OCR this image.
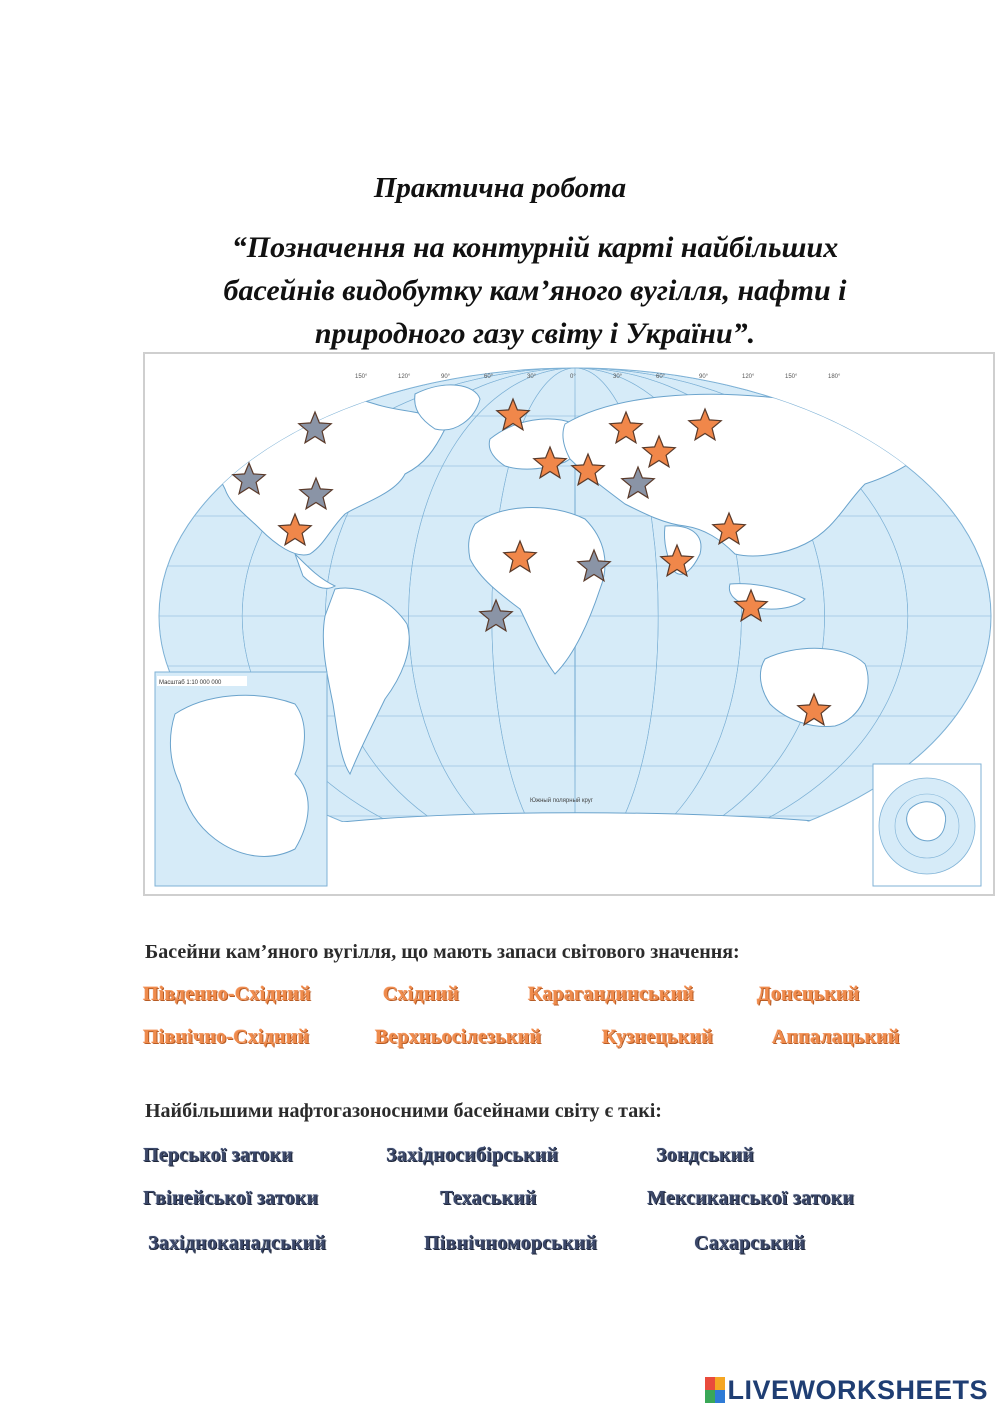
Практична робота
“Позначення на контурній карті найбільших
басейнів видобутку кам’яного вугілля, нафти і
природного газу світу і України”.
150°	120°	90°	60°	30°	0°	30°	60°	90°	120°	150°	180°
Масштаб 1:10 000 000
Южный полярный круг
Басейни кам’яного вугілля, що мають запаси світового значення:
Південно-Східний	Східний	Карагандинський	Донецький
Північно-Східний	Верхньосілезький	Кузнецький	Аппалацький
Найбільшими нафтогазоносними басейнами світу є такі:
Перської затоки	Західносибірський	Зондський
Гвінейської затоки	Техаський	Мексиканської затоки
Західноканадський	Північноморський	Сахарський
LIVEWORKSHEETS
